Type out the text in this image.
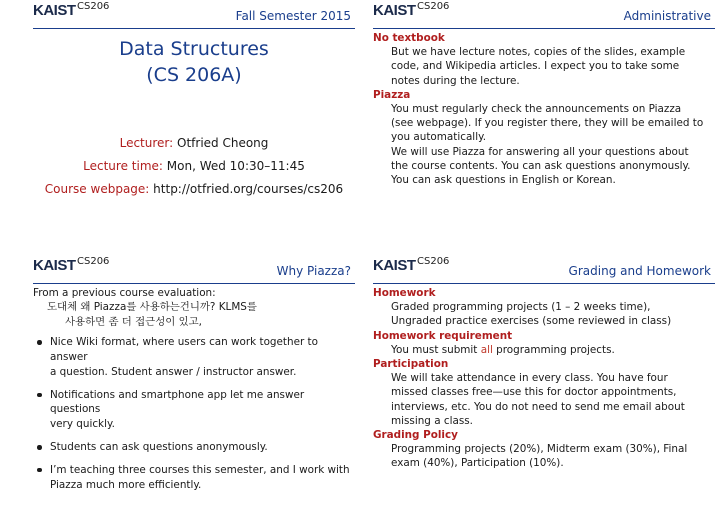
KAIST CS206
Fall Semester 2015
Data Structures
(CS 206A)
Lecturer: Otfried Cheong
Lecture time: Mon, Wed 10:30–11:45
Course webpage: http://otfried.org/courses/cs206
KAIST CS206
Administrative
No textbook
But we have lecture notes, copies of the slides, example
code, and Wikipedia articles. I expect you to take some
notes during the lecture.
Piazza
You must regularly check the announcements on Piazza
(see webpage). If you register there, they will be emailed to
you automatically.
We will use Piazza for answering all your questions about
the course contents. You can ask questions anonymously.
You can ask questions in English or Korean.
KAIST CS206
Why Piazza?
From a previous course evaluation:
도대체 왜 Piazza를 사용하는건니까? KLMS를
사용하면 좀 더 접근성이 있고,
Nice Wiki format, where users can work together to answer
a question. Student answer / instructor answer.
Notifications and smartphone app let me answer questions
very quickly.
Students can ask questions anonymously.
I’m teaching three courses this semester, and I work with
Piazza much more efficiently.
KAIST CS206
Grading and Homework
Homework
Graded programming projects (1 – 2 weeks time),
Ungraded practice exercises (some reviewed in class)
Homework requirement
You must submit all programming projects.
Participation
We will take attendance in every class. You have four
missed classes free—use this for doctor appointments,
interviews, etc. You do not need to send me email about
missing a class.
Grading Policy
Programming projects (20%), Midterm exam (30%), Final
exam (40%), Participation (10%).
